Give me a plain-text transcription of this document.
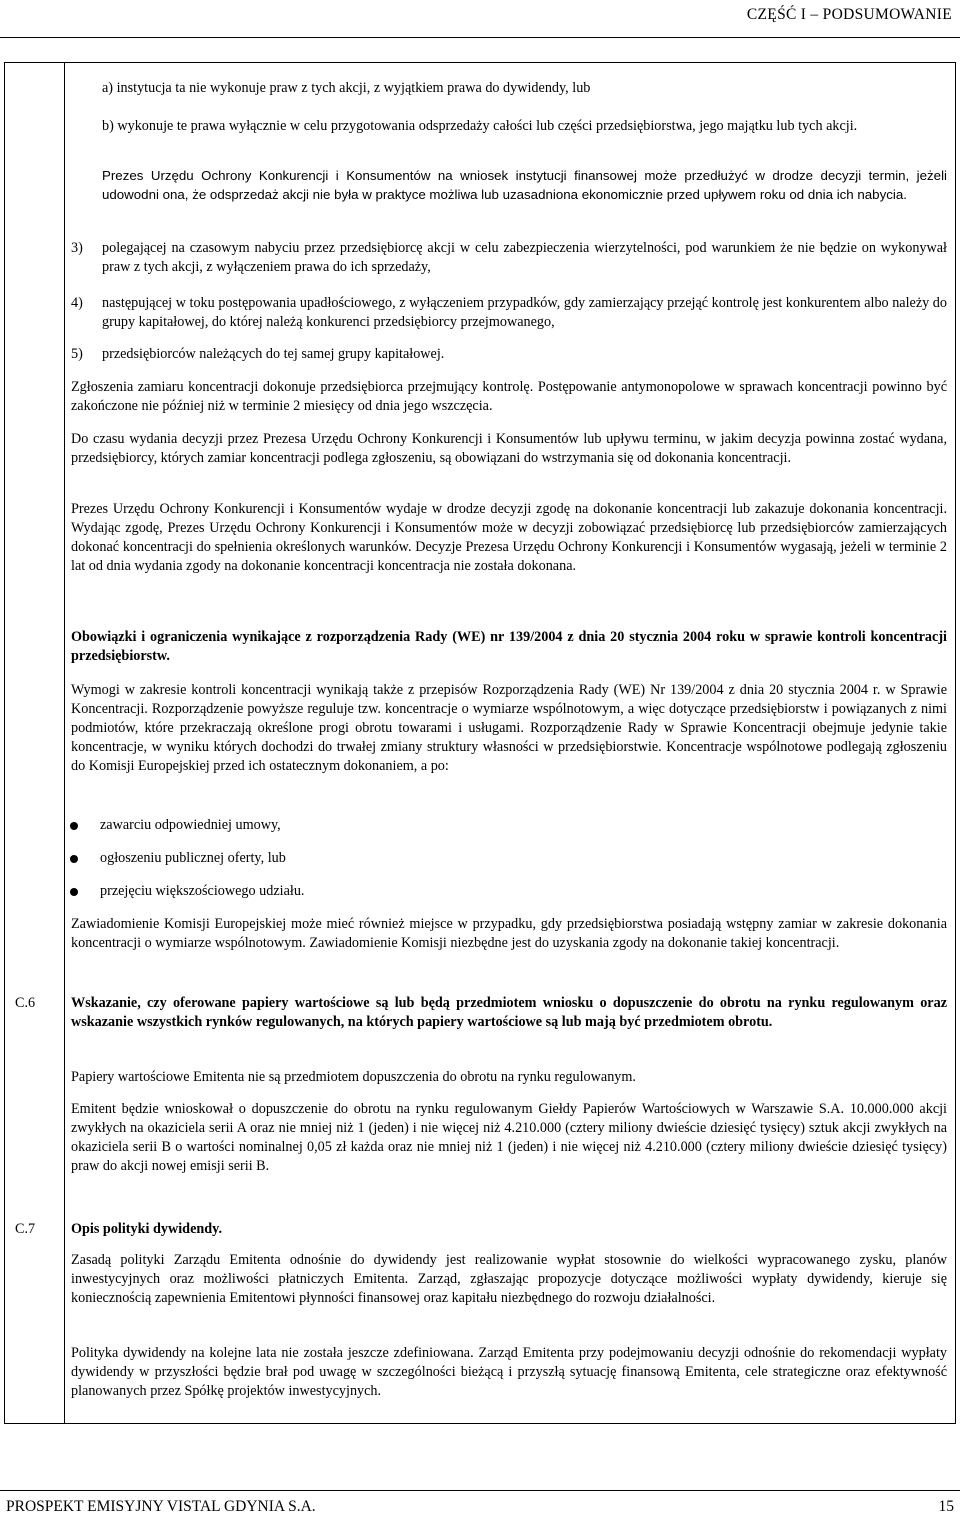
CZĘŚĆ I – PODSUMOWANIE

a) instytucja ta nie wykonuje praw z tych akcji, z wyjątkiem prawa do dywidendy, lub

b) wykonuje te prawa wyłącznie w celu przygotowania odsprzedaży całości lub części przedsiębiorstwa, jego majątku lub tych akcji.

Prezes Urzędu Ochrony Konkurencji i Konsumentów na wniosek instytucji finansowej może przedłużyć w drodze decyzji termin, jeżeli udowodni ona, że odsprzedaż akcji nie była w praktyce możliwa lub uzasadniona ekonomicznie przed upływem roku od dnia ich nabycia.

3) polegającej na czasowym nabyciu przez przedsiębiorcę akcji w celu zabezpieczenia wierzytelności, pod warunkiem że nie będzie on wykonywał praw z tych akcji, z wyłączeniem prawa do ich sprzedaży,

4) następującej w toku postępowania upadłościowego, z wyłączeniem przypadków, gdy zamierzający przejąć kontrolę jest konkurentem albo należy do grupy kapitałowej, do której należą konkurenci przedsiębiorcy przejmowanego,

5) przedsiębiorców należących do tej samej grupy kapitałowej.

Zgłoszenia zamiaru koncentracji dokonuje przedsiębiorca przejmujący kontrolę. Postępowanie antymonopolowe w sprawach koncentracji powinno być zakończone nie później niż w terminie 2 miesięcy od dnia jego wszczęcia.

Do czasu wydania decyzji przez Prezesa Urzędu Ochrony Konkurencji i Konsumentów lub upływu terminu, w jakim decyzja powinna zostać wydana, przedsiębiorcy, których zamiar koncentracji podlega zgłoszeniu, są obowiązani do wstrzymania się od dokonania koncentracji.

Prezes Urzędu Ochrony Konkurencji i Konsumentów wydaje w drodze decyzji zgodę na dokonanie koncentracji lub zakazuje dokonania koncentracji. Wydając zgodę, Prezes Urzędu Ochrony Konkurencji i Konsumentów może w decyzji zobowiązać przedsiębiorcę lub przedsiębiorców zamierzających dokonać koncentracji do spełnienia określonych warunków. Decyzje Prezesa Urzędu Ochrony Konkurencji i Konsumentów wygasają, jeżeli w terminie 2 lat od dnia wydania zgody na dokonanie koncentracji koncentracja nie została dokonana.

Obowiązki i ograniczenia wynikające z rozporządzenia Rady (WE) nr 139/2004 z dnia 20 stycznia 2004 roku w sprawie kontroli koncentracji przedsiębiorstw.

Wymogi w zakresie kontroli koncentracji wynikają także z przepisów Rozporządzenia Rady (WE) Nr 139/2004 z dnia 20 stycznia 2004 r. w Sprawie Koncentracji. Rozporządzenie powyższe reguluje tzw. koncentracje o wymiarze wspólnotowym, a więc dotyczące przedsiębiorstw i powiązanych z nimi podmiotów, które przekraczają określone progi obrotu towarami i usługami. Rozporządzenie Rady w Sprawie Koncentracji obejmuje jedynie takie koncentracje, w wyniku których dochodzi do trwałej zmiany struktury własności w przedsiębiorstwie. Koncentracje wspólnotowe podlegają zgłoszeniu do Komisji Europejskiej przed ich ostatecznym dokonaniem, a po:

zawarciu odpowiedniej umowy,
ogłoszeniu publicznej oferty, lub
przejęciu większościowego udziału.

Zawiadomienie Komisji Europejskiej może mieć również miejsce w przypadku, gdy przedsiębiorstwa posiadają wstępny zamiar w zakresie dokonania koncentracji o wymiarze wspólnotowym. Zawiadomienie Komisji niezbędne jest do uzyskania zgody na dokonanie takiej koncentracji.

C.6	Wskazanie, czy oferowane papiery wartościowe są lub będą przedmiotem wniosku o dopuszczenie do obrotu na rynku regulowanym oraz wskazanie wszystkich rynków regulowanych, na których papiery wartościowe są lub mają być przedmiotem obrotu.

Papiery wartościowe Emitenta nie są przedmiotem dopuszczenia do obrotu na rynku regulowanym.

Emitent będzie wnioskował o dopuszczenie do obrotu na rynku regulowanym Giełdy Papierów Wartościowych w Warszawie S.A. 10.000.000 akcji zwykłych na okaziciela serii A oraz nie mniej niż 1 (jeden) i nie więcej niż 4.210.000 (cztery miliony dwieście dziesięć tysięcy) sztuk akcji zwykłych na okaziciela serii B o wartości nominalnej 0,05 zł każda oraz nie mniej niż 1 (jeden) i nie więcej niż 4.210.000 (cztery miliony dwieście dziesięć tysięcy) praw do akcji nowej emisji serii B.

C.7	Opis polityki dywidendy.

Zasadą polityki Zarządu Emitenta odnośnie do dywidendy jest realizowanie wypłat stosownie do wielkości wypracowanego zysku, planów inwestycyjnych oraz możliwości płatniczych Emitenta. Zarząd, zgłaszając propozycje dotyczące możliwości wypłaty dywidendy, kieruje się koniecznością zapewnienia Emitentowi płynności finansowej oraz kapitału niezbędnego do rozwoju działalności.

Polityka dywidendy na kolejne lata nie została jeszcze zdefiniowana. Zarząd Emitenta przy podejmowaniu decyzji odnośnie do rekomendacji wypłaty dywidendy w przyszłości będzie brał pod uwagę w szczególności bieżącą i przyszłą sytuację finansową Emitenta, cele strategiczne oraz efektywność planowanych przez Spółkę projektów inwestycyjnych.

PROSPEKT EMISYJNY VISTAL GDYNIA S.A.	15
